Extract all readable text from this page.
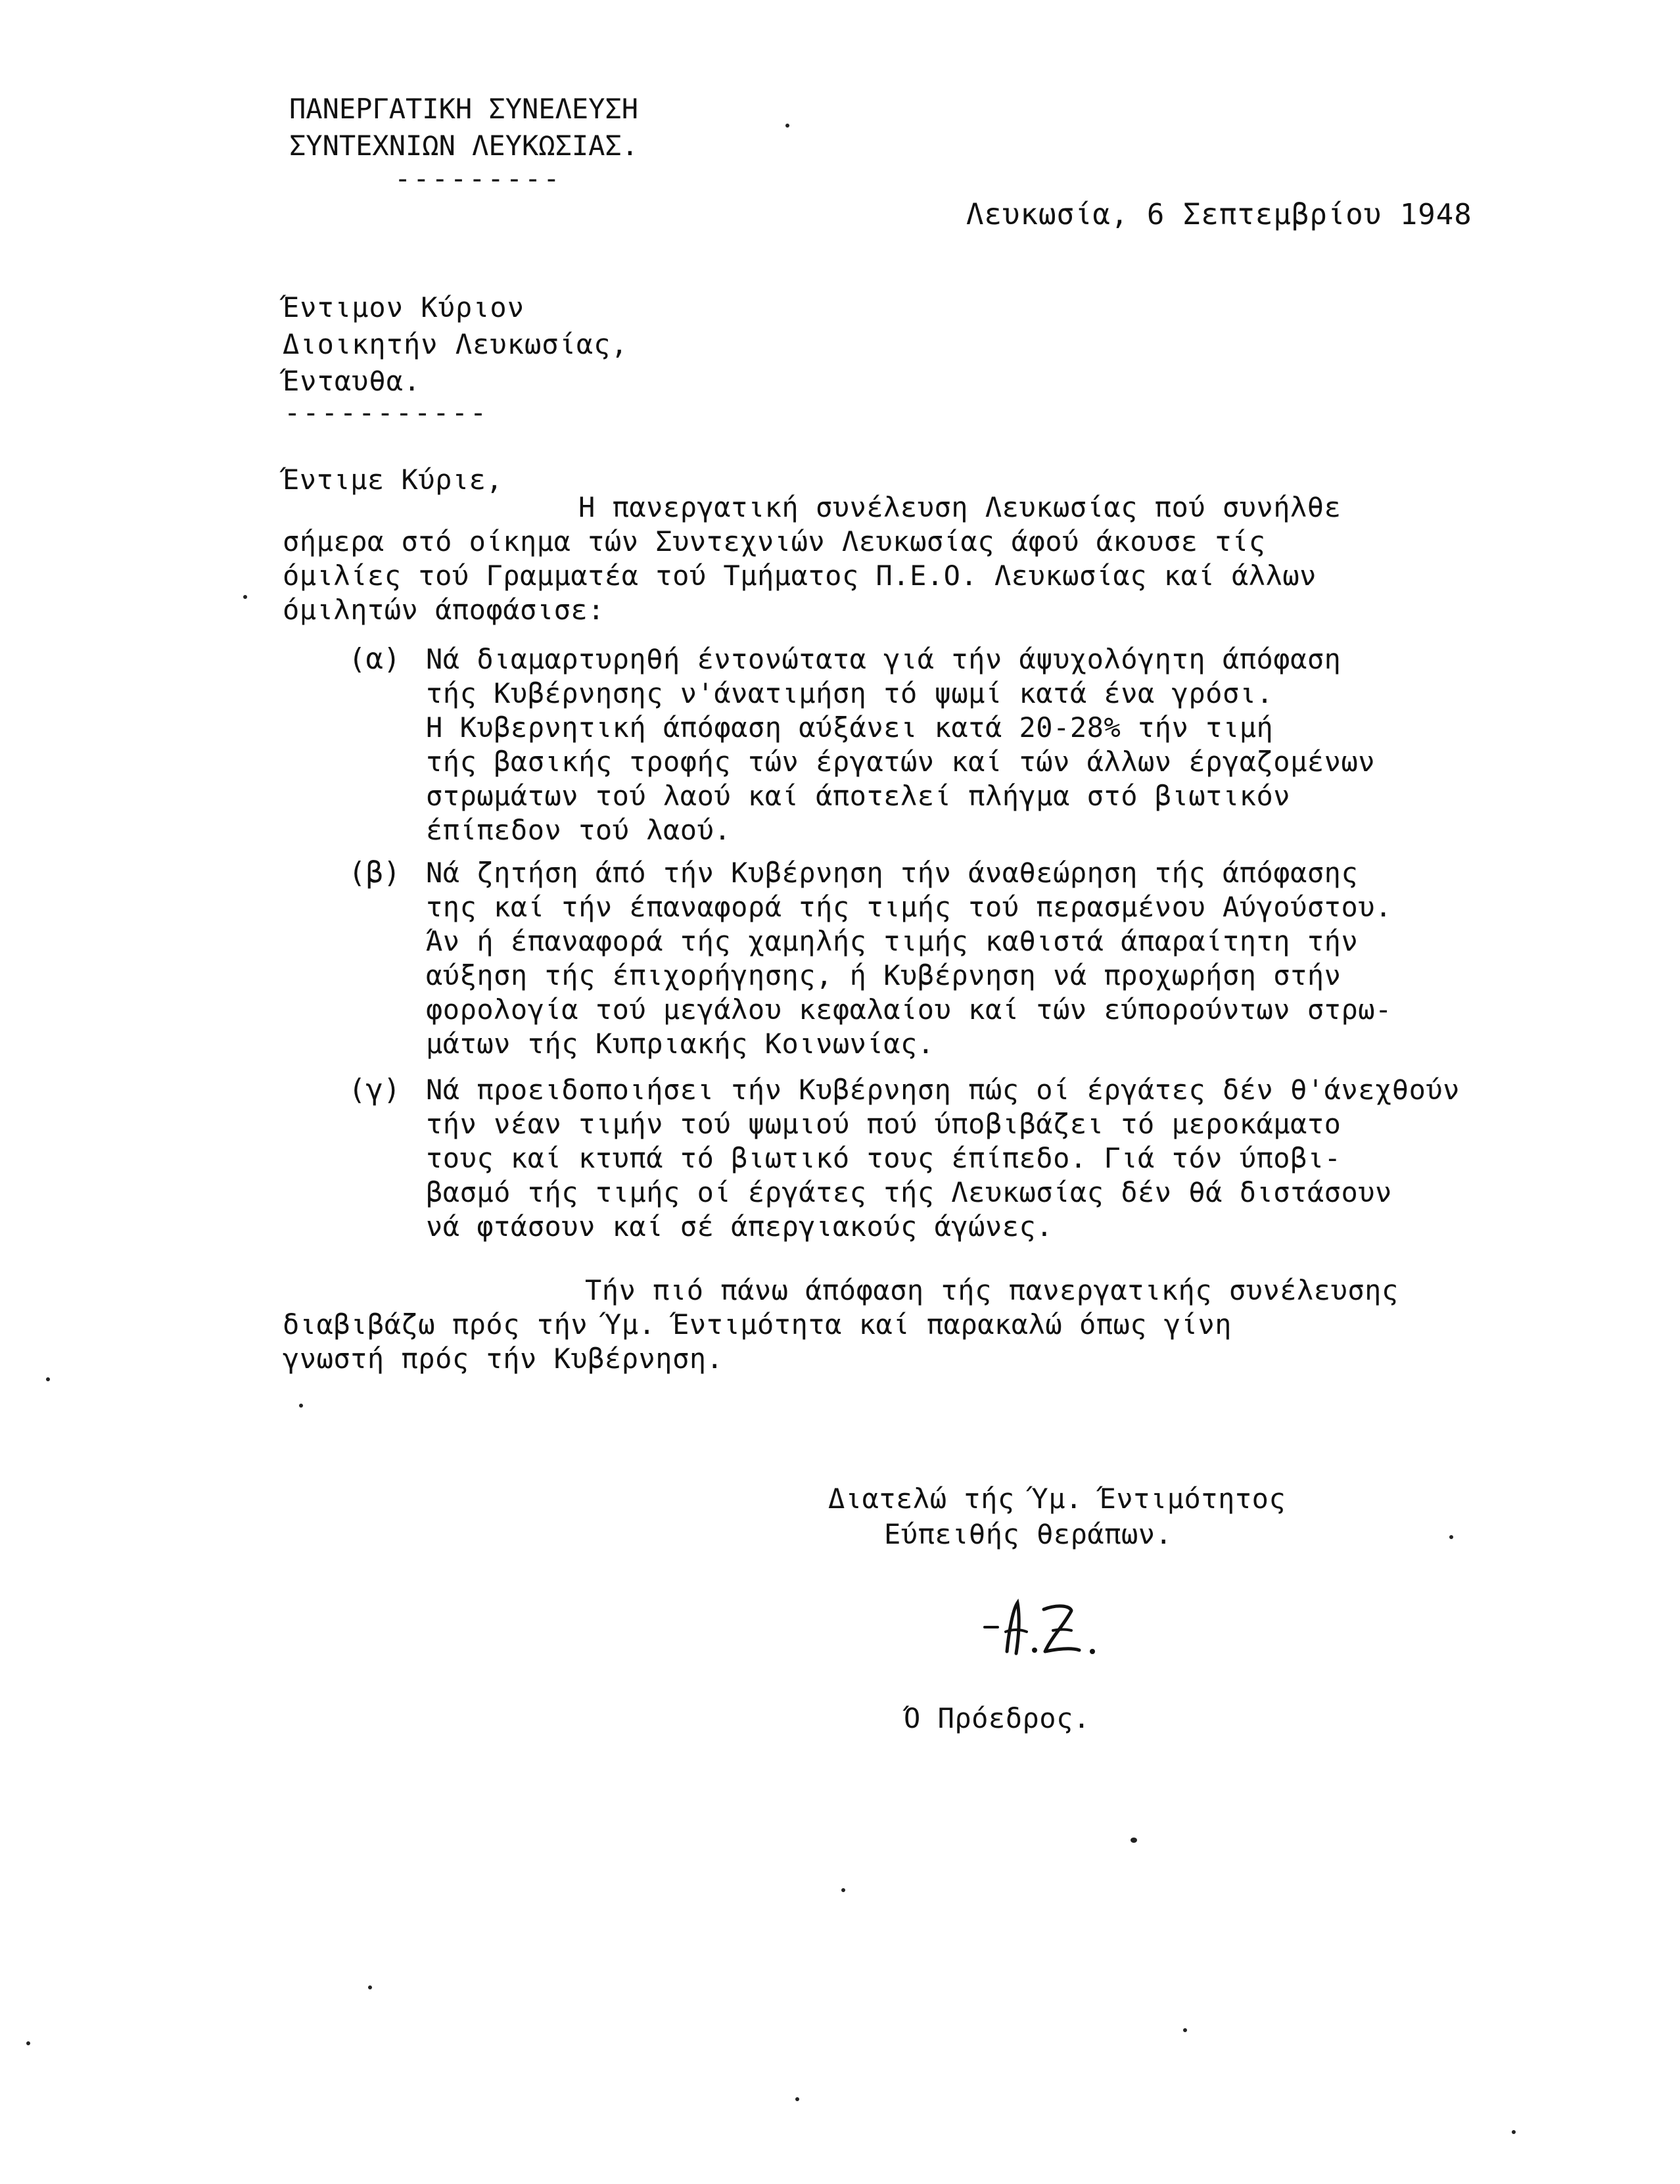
ΠΑΝΕΡΓΑΤΙΚΗ ΣΥΝΕΛΕΥΣΗ
ΣΥΝΤΕΧΝΙΩΝ ΛΕΥΚΩΣΙΑΣ.
---------
Λευκωσία, 6 Σεπτεμβρίου 1948
Έντιμον Κύριον
Διοικητήν Λευκωσίας,
Ένταυθα.
-----------
Έντιμε Κύριε,
Η πανεργατική συνέλευση Λευκωσίας πού συνήλθε
σήμερα στό οίκημα τών Συντεχνιών Λευκωσίας άφού άκουσε τίς
όμιλίες τού Γραμματέα τού Τμήματος Π.Ε.Ο. Λευκωσίας καί άλλων
όμιλητών άπoφάσισε:
(α) Νά διαμαρτυρηθή έντονώτατα γιά τήν άψυχολόγητη άπόφαση
τής Κυβέρνησης ν'άνατιμήση τό ψωμί κατά ένα γρόσι.
Η Κυβερνητική άπόφαση αύξάνει κατά 20-28% τήν τιμή
τής βασικής τροφής τών έργατών καί τών άλλων έργαζομένων
στρωμάτων τού λαού καί άποτελεί πλήγμα στό βιωτικόν
έπίπεδον τού λαού.
(β) Νά ζητήση άπό τήν Κυβέρνηση τήν άναθεώρηση τής άπόφασης
της καί τήν έπαναφορά τής τιμής τού περασμένου Αύγούστου.
Άν ή έπαναφορά τής χαμηλής τιμής καθιστά άπαραίτητη τήν
αύξηση τής έπιχορήγησης, ή Κυβέρνηση νά προχωρήση στήν
φορολογία τού μεγάλου κεφαλαίου καί τών εύπορούντων στρω-
μάτων τής Κυπριακής Κοινωνίας.
(γ) Νά προειδοποιήσει τήν Κυβέρνηση πώς οί έργάτες δέν θ'άνεχθούν
τήν νέαν τιμήν τού ψωμιού πού ύποβιβάζει τό μεροκάματο
τους καί κτυπά τό βιωτικό τους έπίπεδο. Γιά τόν ύποβι-
βασμό τής τιμής οί έργάτες τής Λευκωσίας δέν θά διστάσουν
νά φτάσουν καί σέ άπεργιακούς άγώνες.
Τήν πιό πάνω άπόφαση τής πανεργατικής συνέλευσης
διαβιβάζω πρός τήν Ύμ. Έντιμότητα καί παρακαλώ όπως γίνη
γνωστή πρός τήν Κυβέρνηση.
Διατελώ τής Ύμ. Έντιμότητος
Εύπειθής θεράπων.
Ό Πρόεδρος.
